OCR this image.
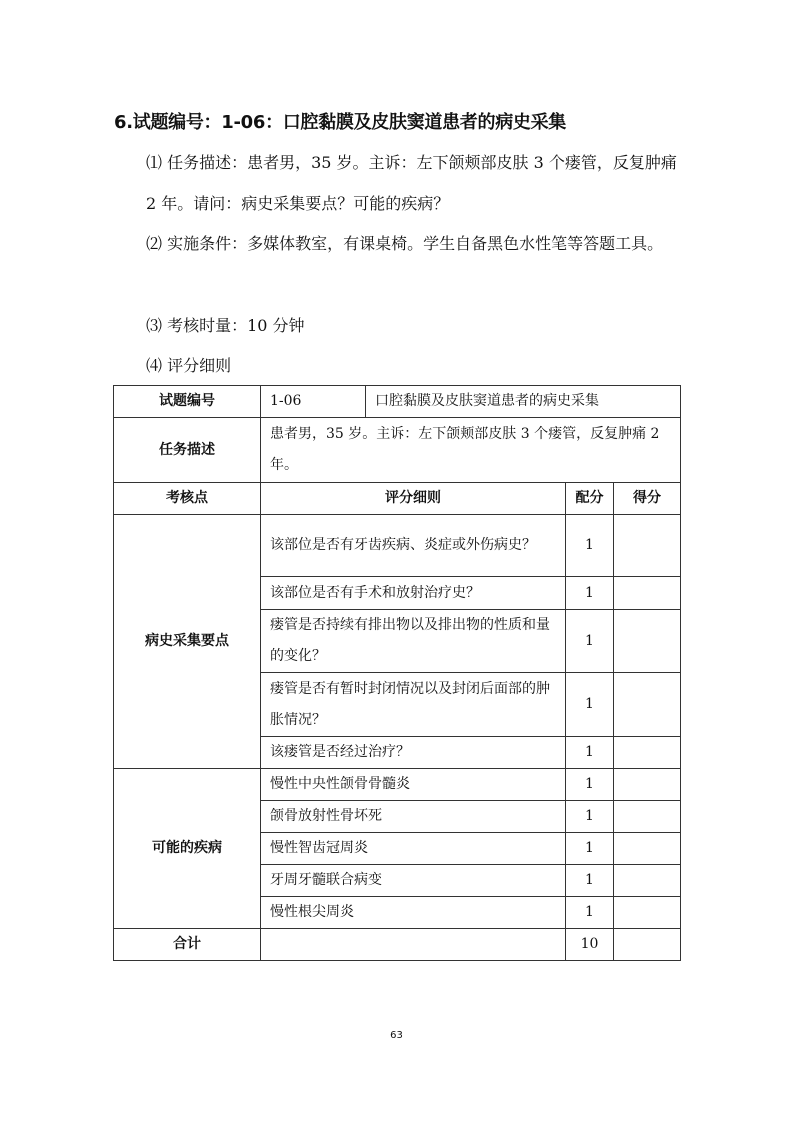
6.试题编号：1-06：口腔黏膜及皮肤窦道患者的病史采集
⑴ 任务描述：患者男，35 岁。主诉：左下颌颊部皮肤 3 个瘘管，反复肿痛 2 年。请问：病史采集要点？可能的疾病？
⑵ 实施条件：多媒体教室，有课桌椅。学生自备黑色水性笔等答题工具。
⑶ 考核时量：10 分钟
⑷ 评分细则
试题编号	1-06	口腔黏膜及皮肤窦道患者的病史采集		
任务描述	患者男，35 岁。主诉：左下颌颊部皮肤 3 个瘘管，反复肿痛 2 年。			
考核点	评分细则		配分	得分
病史采集要点	该部位是否有牙齿疾病、炎症或外伤病史？		1	
	该部位是否有手术和放射治疗史？		1	
	瘘管是否持续有排出物以及排出物的性质和量的变化？		1	
	瘘管是否有暂时封闭情况以及封闭后面部的肿胀情况？		1	
	该瘘管是否经过治疗？		1	
可能的疾病	慢性中央性颌骨骨髓炎		1	
	颌骨放射性骨坏死		1	
	慢性智齿冠周炎		1	
	牙周牙髓联合病变		1	
	慢性根尖周炎		1	
合计			10	
63
